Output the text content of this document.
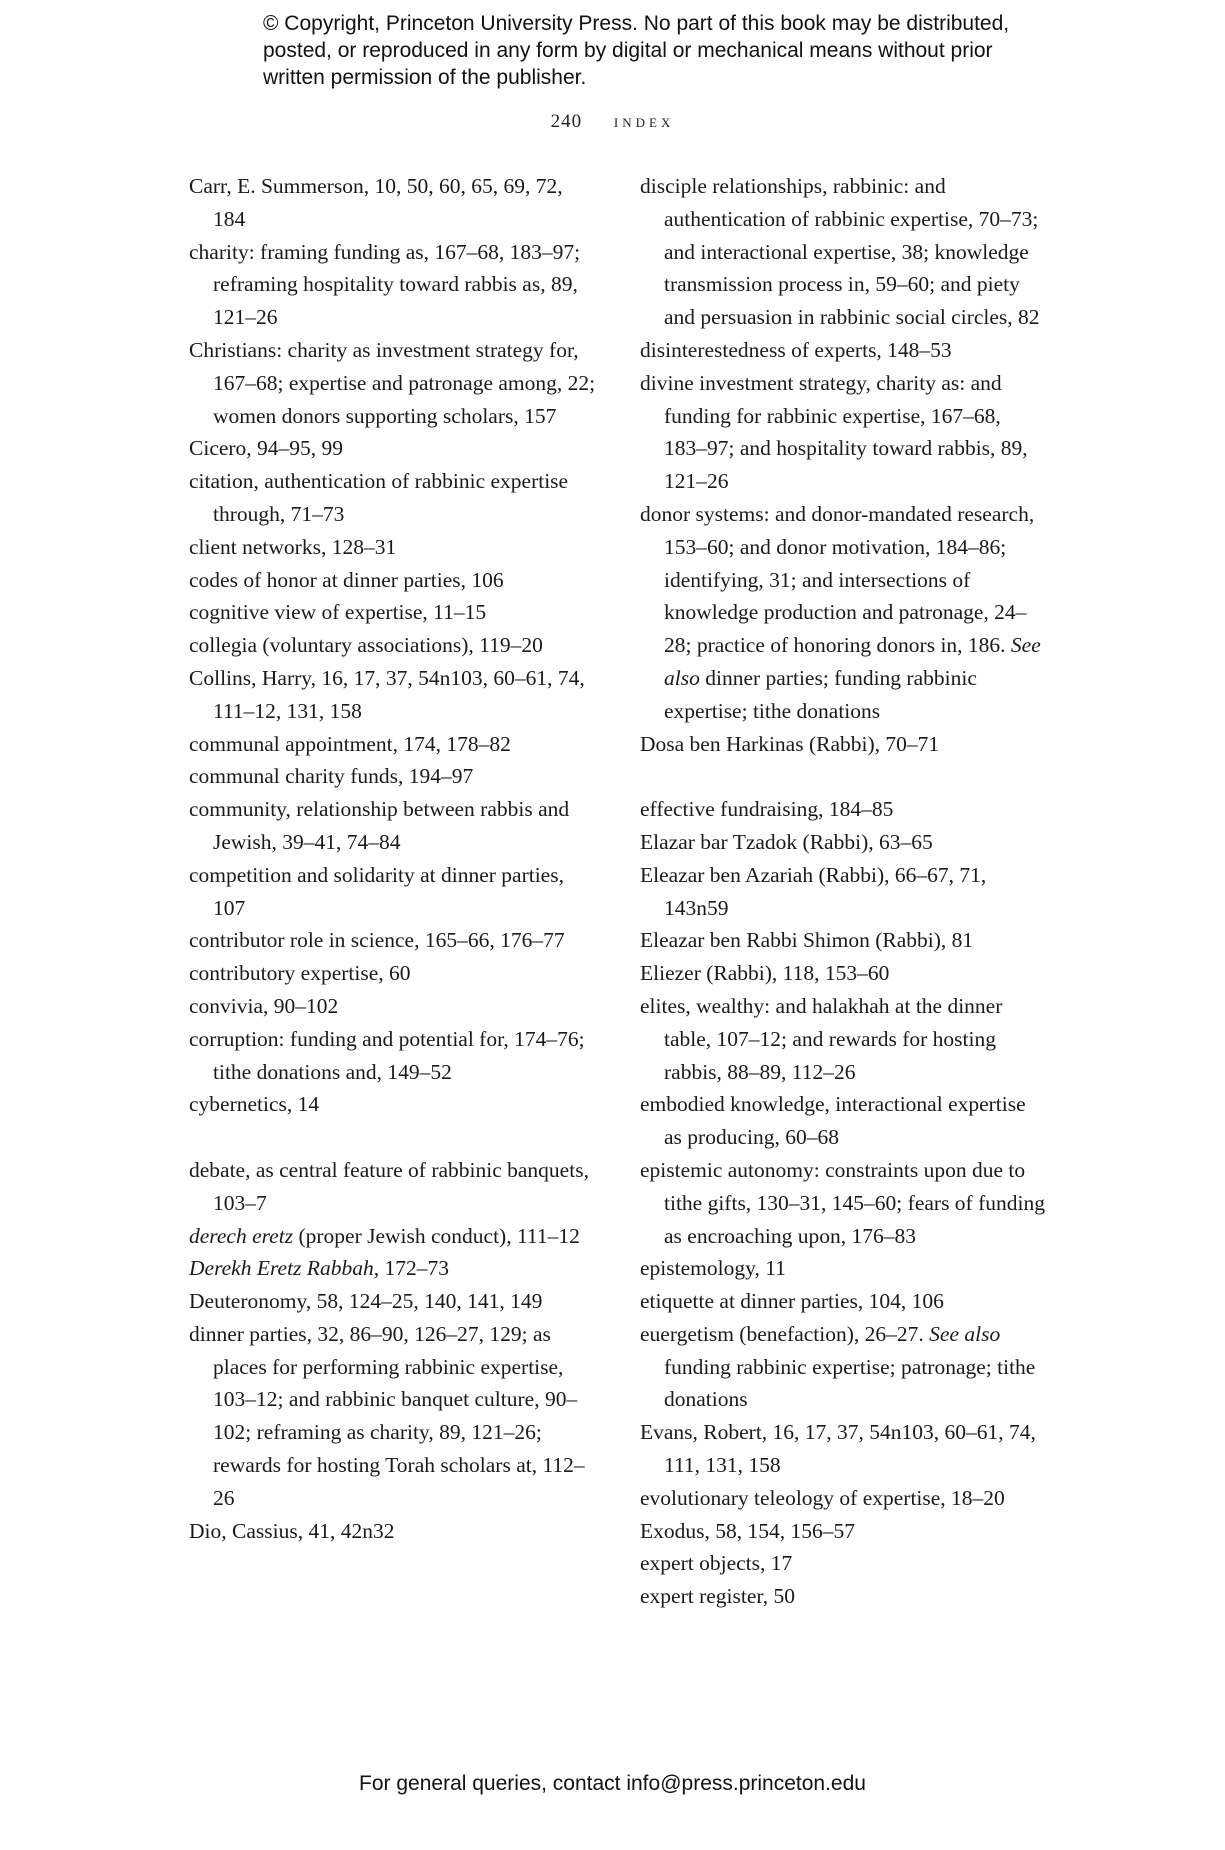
© Copyright, Princeton University Press. No part of this book may be distributed, posted, or reproduced in any form by digital or mechanical means without prior written permission of the publisher.
240 index
Carr, E. Summerson, 10, 50, 60, 65, 69, 72, 184
charity: framing funding as, 167–68, 183–97; reframing hospitality toward rabbis as, 89, 121–26
Christians: charity as investment strategy for, 167–68; expertise and patronage among, 22; women donors supporting scholars, 157
Cicero, 94–95, 99
citation, authentication of rabbinic expertise through, 71–73
client networks, 128–31
codes of honor at dinner parties, 106
cognitive view of expertise, 11–15
collegia (voluntary associations), 119–20
Collins, Harry, 16, 17, 37, 54n103, 60–61, 74, 111–12, 131, 158
communal appointment, 174, 178–82
communal charity funds, 194–97
community, relationship between rabbis and Jewish, 39–41, 74–84
competition and solidarity at dinner parties, 107
contributor role in science, 165–66, 176–77
contributory expertise, 60
convivia, 90–102
corruption: funding and potential for, 174–76; tithe donations and, 149–52
cybernetics, 14
debate, as central feature of rabbinic banquets, 103–7
derech eretz (proper Jewish conduct), 111–12
Derekh Eretz Rabbah, 172–73
Deuteronomy, 58, 124–25, 140, 141, 149
dinner parties, 32, 86–90, 126–27, 129; as places for performing rabbinic expertise, 103–12; and rabbinic banquet culture, 90–102; reframing as charity, 89, 121–26; rewards for hosting Torah scholars at, 112–26
Dio, Cassius, 41, 42n32
disciple relationships, rabbinic: and authentication of rabbinic expertise, 70–73; and interactional expertise, 38; knowledge transmission process in, 59–60; and piety and persuasion in rabbinic social circles, 82
disinterestedness of experts, 148–53
divine investment strategy, charity as: and funding for rabbinic expertise, 167–68, 183–97; and hospitality toward rabbis, 89, 121–26
donor systems: and donor-mandated research, 153–60; and donor motivation, 184–86; identifying, 31; and intersections of knowledge production and patronage, 24–28; practice of honoring donors in, 186. See also dinner parties; funding rabbinic expertise; tithe donations
Dosa ben Harkinas (Rabbi), 70–71
effective fundraising, 184–85
Elazar bar Tzadok (Rabbi), 63–65
Eleazar ben Azariah (Rabbi), 66–67, 71, 143n59
Eleazar ben Rabbi Shimon (Rabbi), 81
Eliezer (Rabbi), 118, 153–60
elites, wealthy: and halakhah at the dinner table, 107–12; and rewards for hosting rabbis, 88–89, 112–26
embodied knowledge, interactional expertise as producing, 60–68
epistemic autonomy: constraints upon due to tithe gifts, 130–31, 145–60; fears of funding as encroaching upon, 176–83
epistemology, 11
etiquette at dinner parties, 104, 106
euergetism (benefaction), 26–27. See also funding rabbinic expertise; patronage; tithe donations
Evans, Robert, 16, 17, 37, 54n103, 60–61, 74, 111, 131, 158
evolutionary teleology of expertise, 18–20
Exodus, 58, 154, 156–57
expert objects, 17
expert register, 50
For general queries, contact info@press.princeton.edu
